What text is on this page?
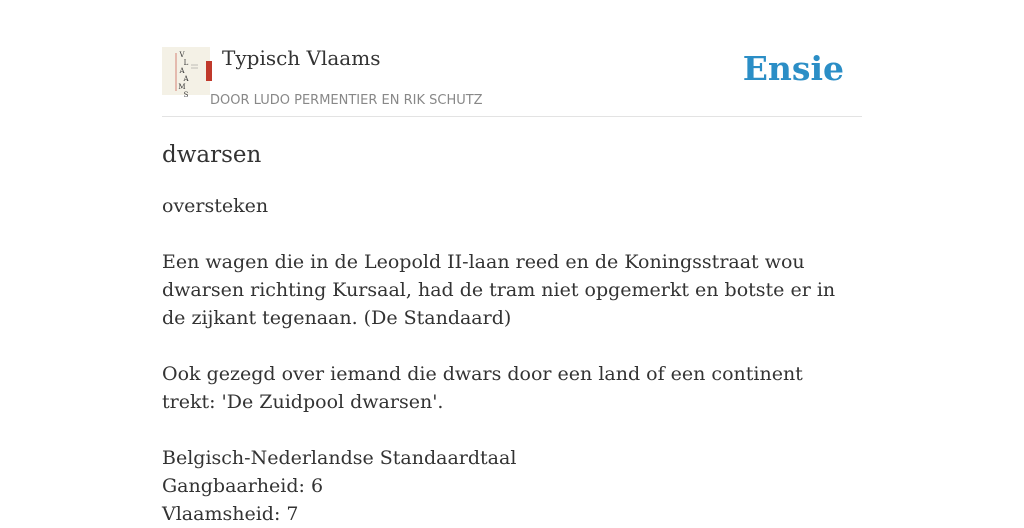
VL A A M S
Typisch Vlaams
DOOR LUDO PERMENTIER EN RIK SCHUTZ
Ensie
dwarsen
oversteken
Een wagen die in de Leopold II-laan reed en de Koningsstraat wou dwarsen richting Kursaal, had de tram niet opgemerkt en botste er in de zijkant tegenaan. (De Standaard)
Ook gezegd over iemand die dwars door een land of een continent trekt: 'De Zuidpool dwarsen'.
Belgisch-Nederlandse Standaardtaal
Gangbaarheid: 6
Vlaamsheid: 7
